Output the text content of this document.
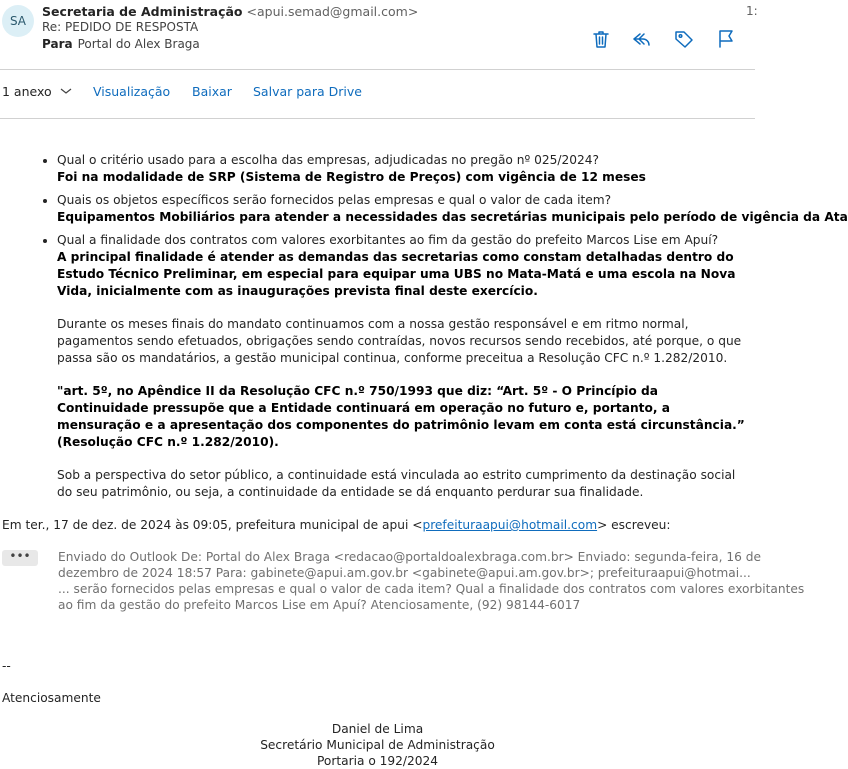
SA
Secretaria de Administração <apui.semad@gmail.com>
Re: PEDIDO DE RESPOSTA
Para Portal do Alex Braga
1:
1 anexo	Visualização Baixar Salvar para Drive
• Qual o critério usado para a escolha das empresas, adjudicadas no pregão nº 025/2024?
Foi na modalidade de SRP (Sistema de Registro de Preços) com vigência de 12 meses
• Quais os objetos específicos serão fornecidos pelas empresas e qual o valor de cada item?
Equipamentos Mobiliários para atender a necessidades das secretárias municipais pelo período de vigência da Ata
• Qual a finalidade dos contratos com valores exorbitantes ao fim da gestão do prefeito Marcos Lise em Apuí?
A principal finalidade é atender as demandas das secretarias como constam detalhadas dentro do Estudo Técnico Preliminar, em especial para equipar uma UBS no Mata-Matá e uma escola na Nova Vida, inicialmente com as inaugurações prevista final deste exercício.
Durante os meses finais do mandato continuamos com a nossa gestão responsável e em ritmo normal, pagamentos sendo efetuados, obrigações sendo contraídas, novos recursos sendo recebidos, até porque, o que passa são os mandatários, a gestão municipal continua, conforme preceitua a Resolução CFC n.º 1.282/2010.
"art. 5º, no Apêndice II da Resolução CFC n.º 750/1993 que diz: “Art. 5º - O Princípio da Continuidade pressupõe que a Entidade continuará em operação no futuro e, portanto, a mensuração e a apresentação dos componentes do patrimônio levam em conta está circunstância.” (Resolução CFC n.º 1.282/2010).
Sob a perspectiva do setor público, a continuidade está vinculada ao estrito cumprimento da destinação social do seu patrimônio, ou seja, a continuidade da entidade se dá enquanto perdurar sua finalidade.
Em ter., 17 de dez. de 2024 às 09:05, prefeitura municipal de apui <prefeituraapui@hotmail.com> escreveu:
•••	Enviado do Outlook De: Portal do Alex Braga <redacao@portaldoalexbraga.com.br> Enviado: segunda-feira, 16 de
dezembro de 2024 18:57 Para: gabinete@apui.am.gov.br <gabinete@apui.am.gov.br>; prefeituraapui@hotmai...
... serão fornecidos pelas empresas e qual o valor de cada item? Qual a finalidade dos contratos com valores exorbitantes
ao fim da gestão do prefeito Marcos Lise em Apuí? Atenciosamente, (92) 98144-6017
--
Atenciosamente
Daniel de Lima
Secretário Municipal de Administração
Portaria o 192/2024
